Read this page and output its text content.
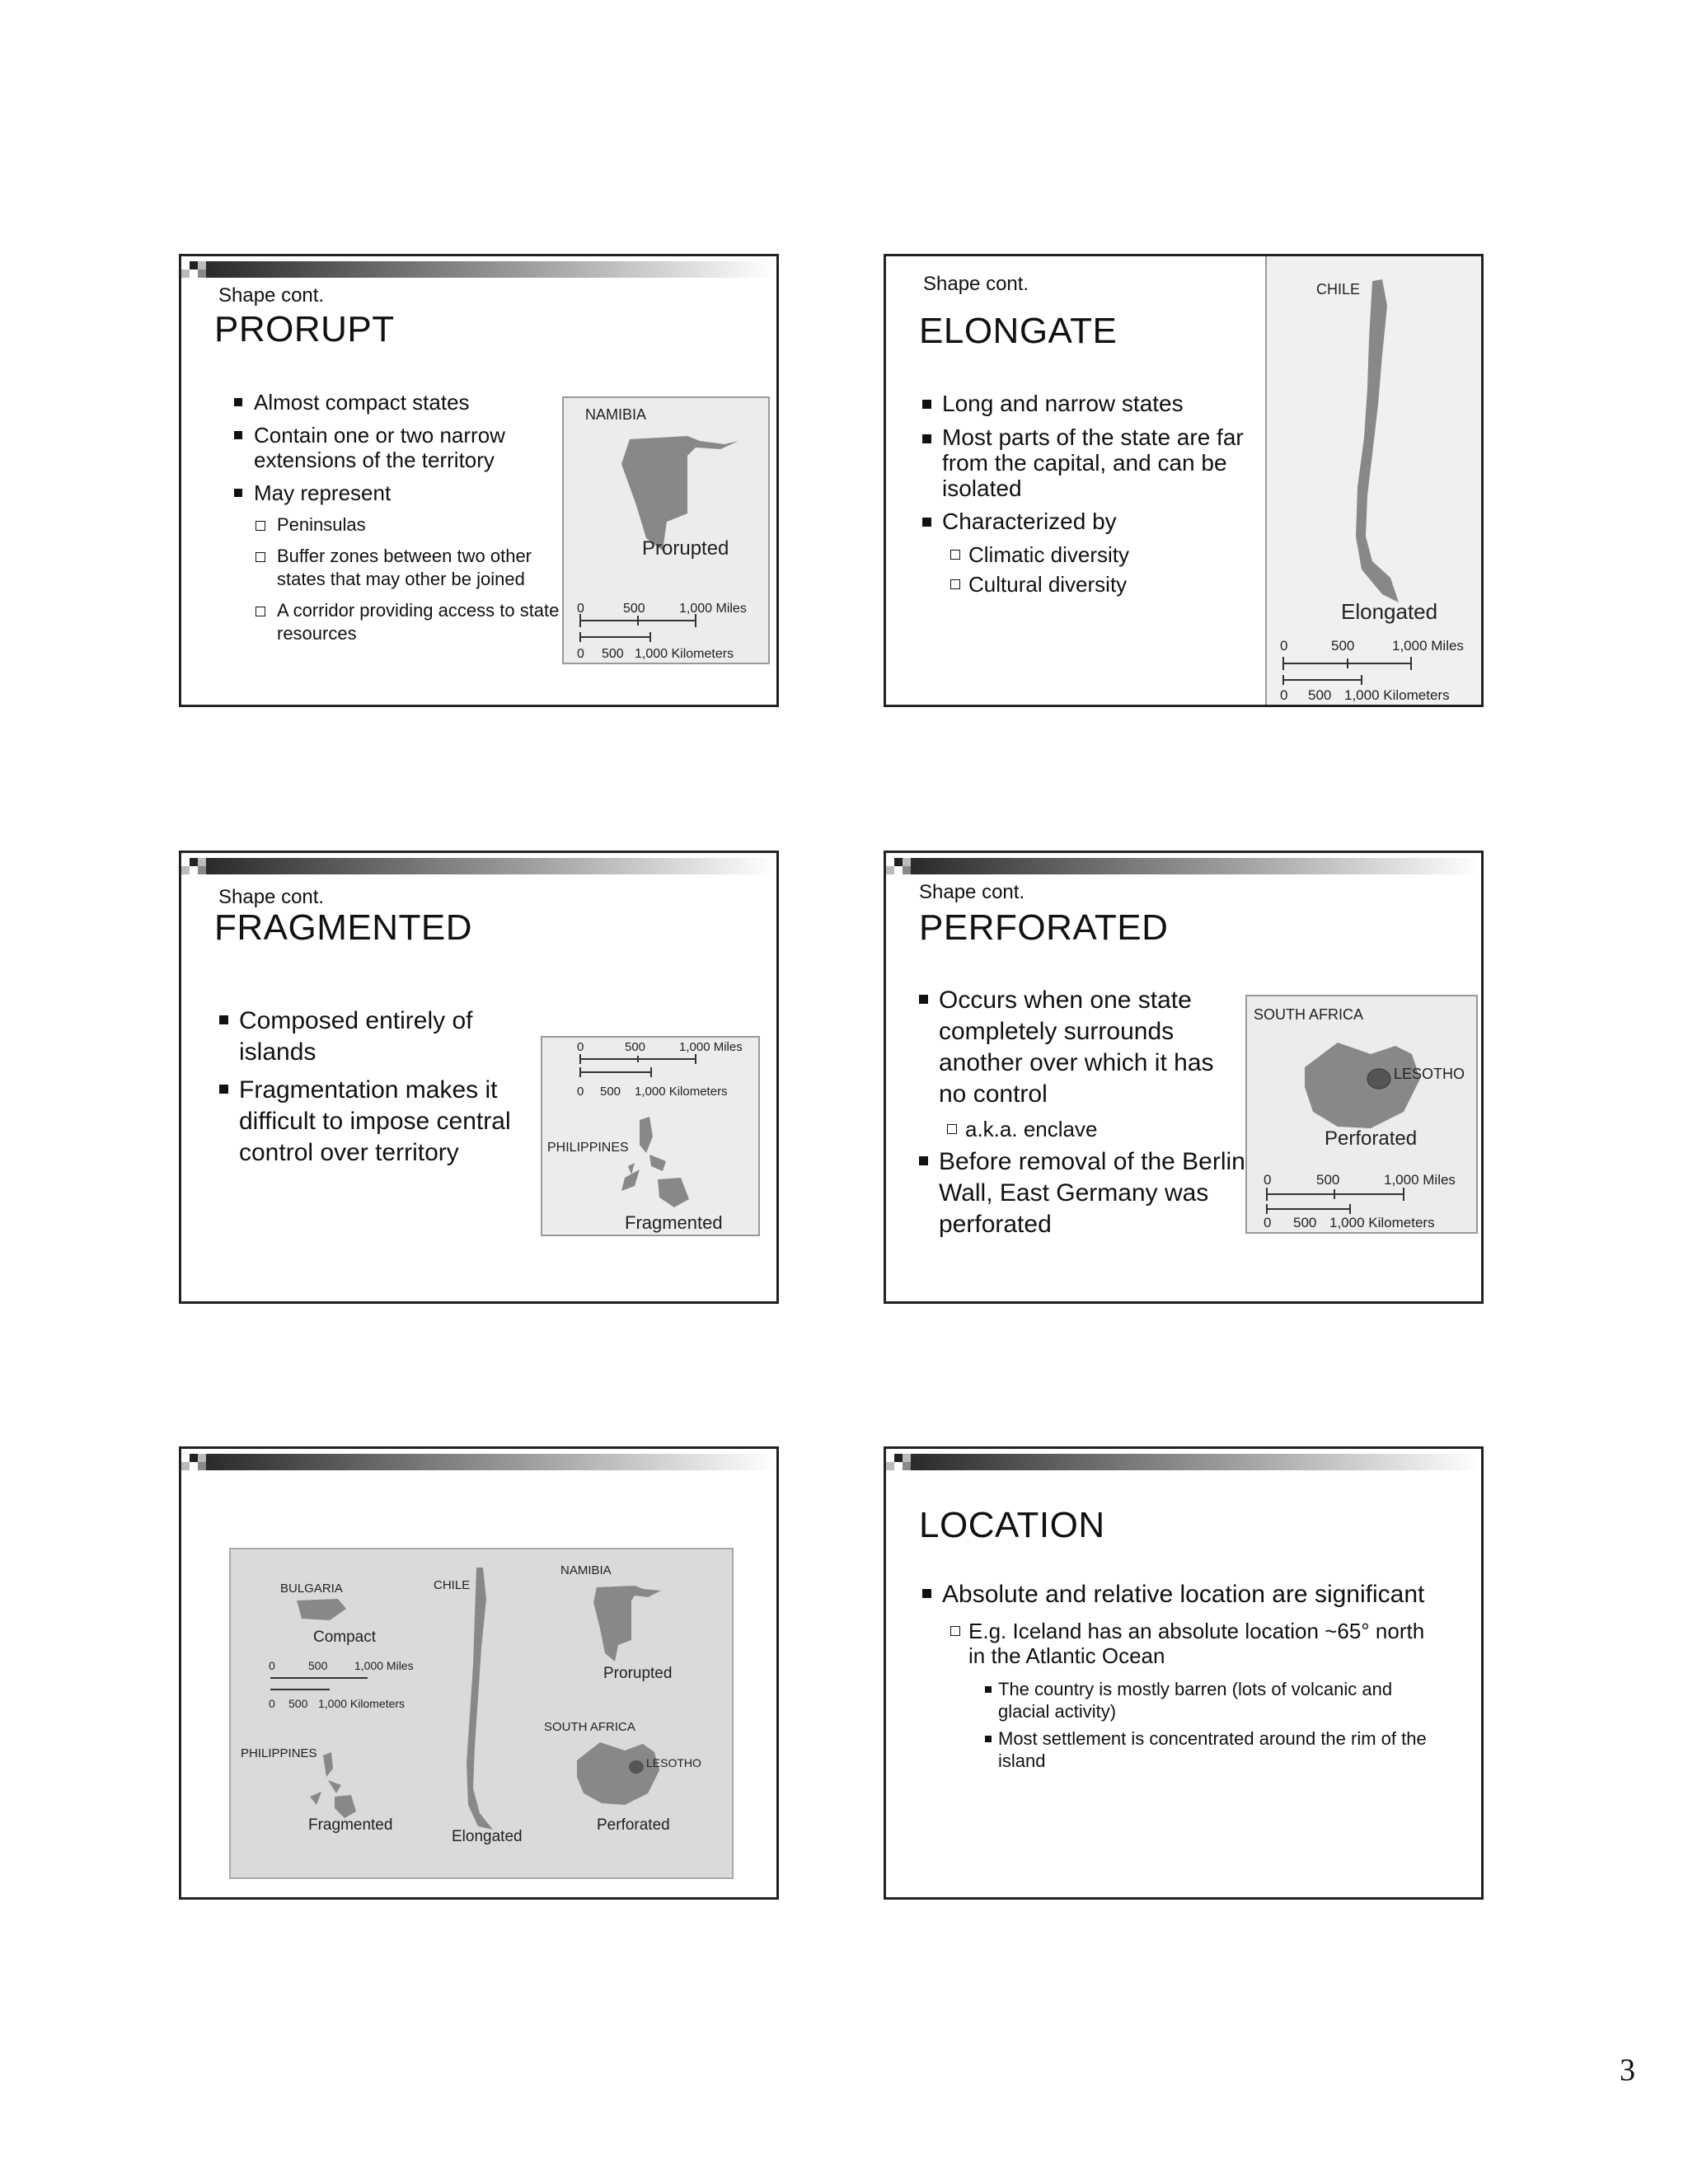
Shape cont.
PRORUPT
Almost compact states
Contain one or two narrow extensions of the territory
May represent
Peninsulas
Buffer zones between two other states that may other be joined
A corridor providing access to state resources
NAMIBIA
Prorupted
0	500	1,000 Miles
0 500 1,000 Kilometers
Shape cont.
ELONGATE
Long and narrow states
Most parts of the state are far from the capital, and can be isolated
Characterized by
Climatic diversity
Cultural diversity
CHILE
Elongated
0	500	1,000 Miles
0 500 1,000 Kilometers
Shape cont.
FRAGMENTED
Composed entirely of islands
Fragmentation makes it difficult to impose central control over territory
0	500	1,000 Miles
0 500 1,000 Kilometers
PHILIPPINES
Fragmented
Shape cont.
PERFORATED
Occurs when one state completely surrounds another over which it has no control
a.k.a. enclave
Before removal of the Berlin Wall, East Germany was perforated
SOUTH AFRICA
LESOTHO
Perforated
0	500	1,000 Miles
0 500 1,000 Kilometers
BULGARIA
Compact
0	500 1,000 Miles
0 500 1,000 Kilometers
PHILIPPINES
Fragmented
CHILE
Elongated
NAMIBIA
Prorupted
SOUTH AFRICA
LESOTHO
Perforated
LOCATION
Absolute and relative location are significant
E.g. Iceland has an absolute location ~65° north in the Atlantic Ocean
The country is mostly barren (lots of volcanic and glacial activity)
Most settlement is concentrated around the rim of the island
3
